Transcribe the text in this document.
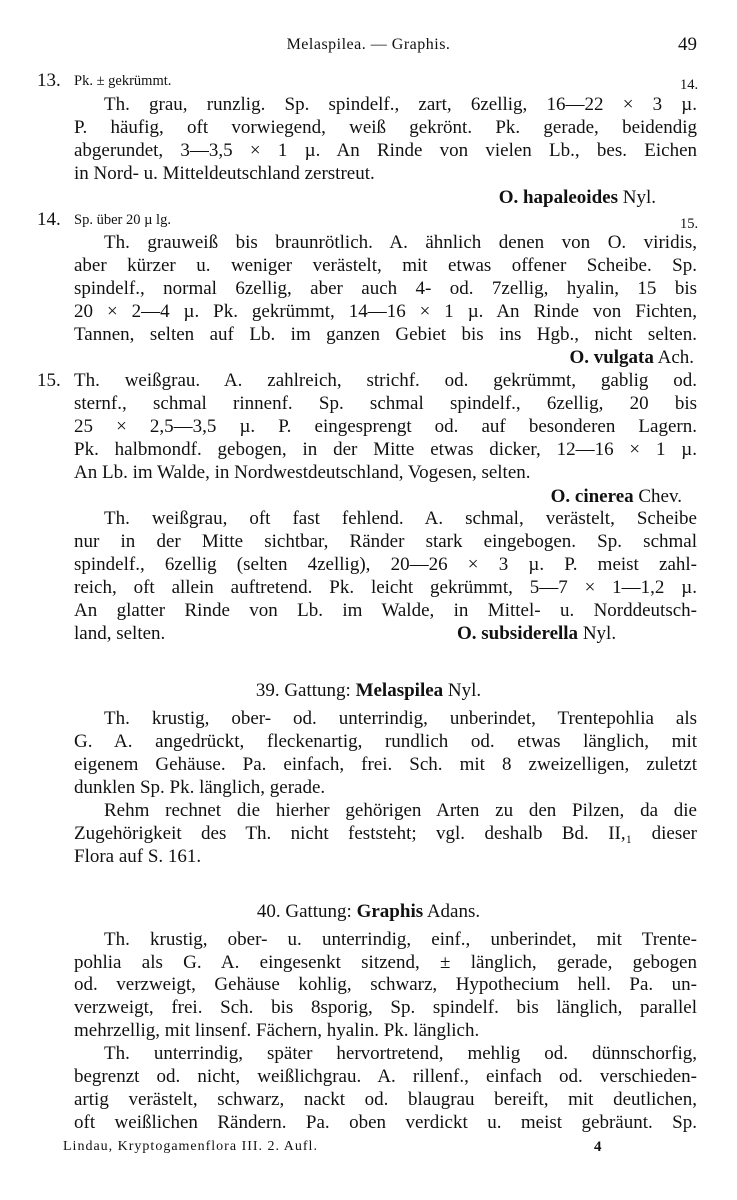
Melaspilea. — Graphis.	49
13. Pk. ± gekrümmt.	14.
Th. grau, runzlig. Sp. spindelf., zart, 6zellig, 16—22 × 3 µ.
P. häufig, oft vorwiegend, weiß gekrönt. Pk. gerade, beidendig
abgerundet, 3—3,5 × 1 µ. An Rinde von vielen Lb., bes. Eichen
in Nord- u. Mitteldeutschland zerstreut.
O. hapaleoides Nyl.
14. Sp. über 20 µ lg.	15.
Th. grauweiß bis braunrötlich. A. ähnlich denen von O. viridis,
aber kürzer u. weniger verästelt, mit etwas offener Scheibe. Sp.
spindelf., normal 6zellig, aber auch 4- od. 7zellig, hyalin, 15 bis
20 × 2—4 µ. Pk. gekrümmt, 14—16 × 1 µ. An Rinde von Fichten,
Tannen, selten auf Lb. im ganzen Gebiet bis ins Hgb., nicht selten.
O. vulgata Ach.
15. Th. weißgrau. A. zahlreich, strichf. od. gekrümmt, gablig od.
sternf., schmal rinnenf. Sp. schmal spindelf., 6zellig, 20 bis
25 × 2,5—3,5 µ. P. eingesprengt od. auf besonderen Lagern.
Pk. halbmondf. gebogen, in der Mitte etwas dicker, 12—16 × 1 µ.
An Lb. im Walde, in Nordwestdeutschland, Vogesen, selten.
O. cinerea Chev.
Th. weißgrau, oft fast fehlend. A. schmal, verästelt, Scheibe
nur in der Mitte sichtbar, Ränder stark eingebogen. Sp. schmal
spindelf., 6zellig (selten 4zellig), 20—26 × 3 µ. P. meist zahl-
reich, oft allein auftretend. Pk. leicht gekrümmt, 5—7 × 1—1,2 µ.
An glatter Rinde von Lb. im Walde, in Mittel- u. Norddeutsch-
land, selten.	O. subsiderella Nyl.
39. Gattung: Melaspilea Nyl.
Th. krustig, ober- od. unterrindig, unberindet, Trentepohlia als
G. A. angedrückt, fleckenartig, rundlich od. etwas länglich, mit
eigenem Gehäuse. Pa. einfach, frei. Sch. mit 8 zweizelligen, zuletzt
dunklen Sp. Pk. länglich, gerade.
Rehm rechnet die hierher gehörigen Arten zu den Pilzen, da die
Zugehörigkeit des Th. nicht feststeht; vgl. deshalb Bd. II,₁ dieser
Flora auf S. 161.
40. Gattung: Graphis Adans.
Th. krustig, ober- u. unterrindig, einf., unberindet, mit Trente-
pohlia als G. A. eingesenkt sitzend, ± länglich, gerade, gebogen
od. verzweigt, Gehäuse kohlig, schwarz, Hypothecium hell. Pa. un-
verzweigt, frei. Sch. bis 8sporig, Sp. spindelf. bis länglich, parallel
mehrzellig, mit linsenf. Fächern, hyalin. Pk. länglich.
Th. unterrindig, später hervortretend, mehlig od. dünnschorfig,
begrenzt od. nicht, weißlichgrau. A. rillenf., einfach od. verschieden-
artig verästelt, schwarz, nackt od. blaugrau bereift, mit deutlichen,
oft weißlichen Rändern. Pa. oben verdickt u. meist gebräunt. Sp.
Lindau, Kryptogamenflora III. 2. Aufl.	4
